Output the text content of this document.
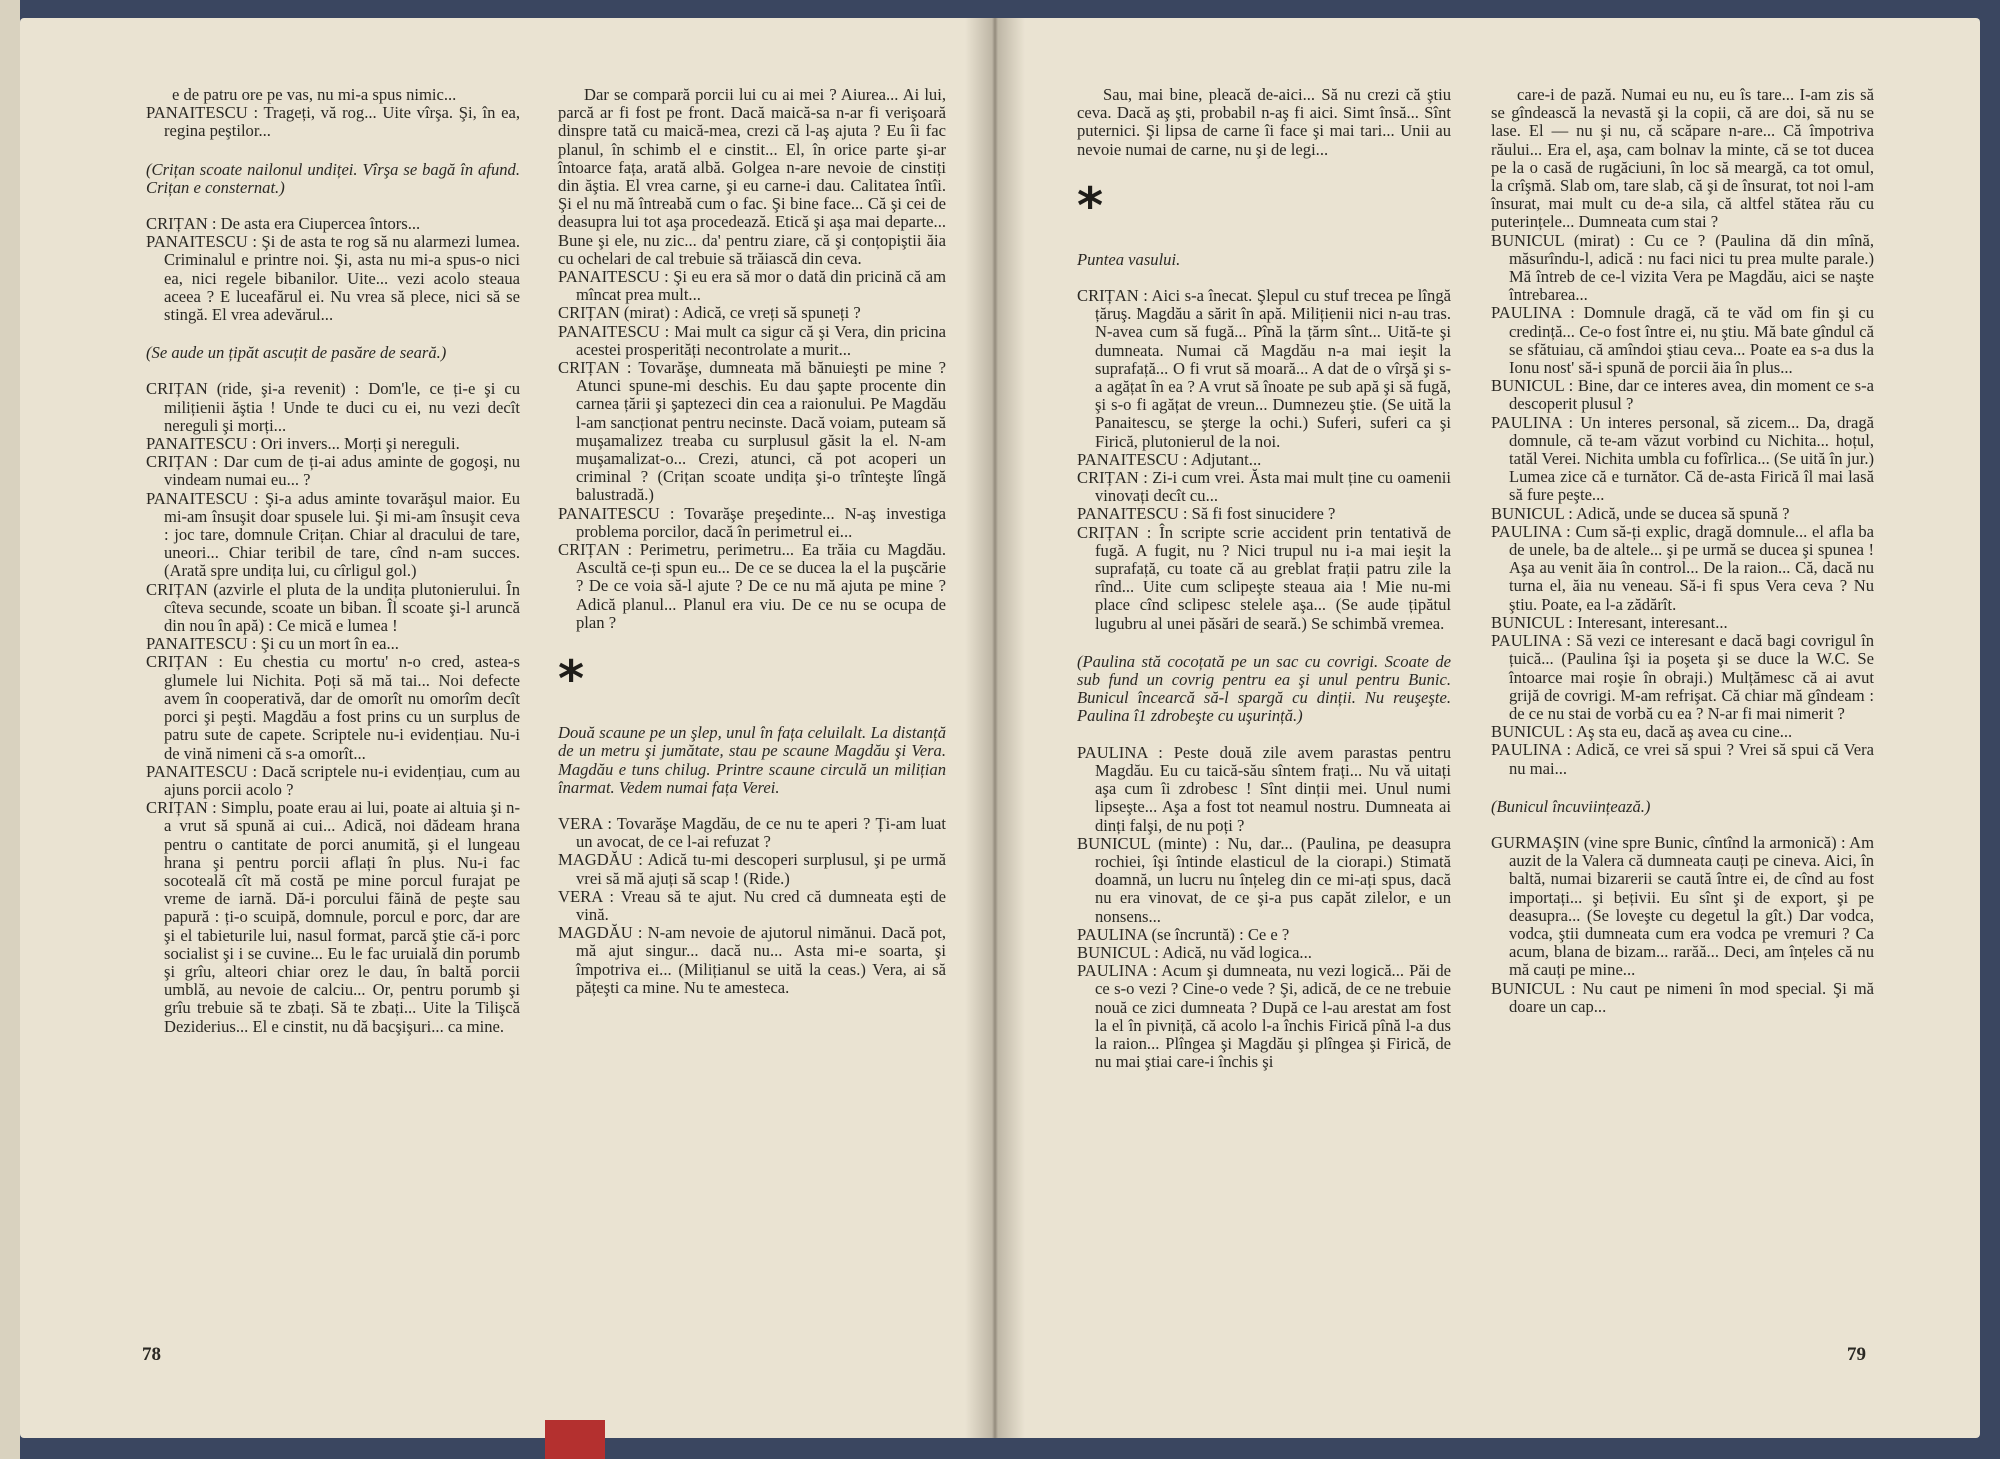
e de patru ore pe vas, nu mi-a spus nimic...

PANAITESCU : Trageți, vă rog... Uite vîrşa. Şi, în ea, regina peştilor...

(Crițan scoate nailonul undiței. Vîrşa se bagă în afund. Crițan e consternat.)

CRIȚAN : De asta era Ciupercea întors...

PANAITESCU : Şi de asta te rog să nu alarmezi lumea. Criminalul e printre noi. Şi, asta nu mi-a spus-o nici ea, nici regele bibanilor. Uite... vezi acolo steaua aceea ? E luceafărul ei. Nu vrea să plece, nici să se stingă. El vrea adevărul...

(Se aude un țipăt ascuțit de pasăre de seară.)

CRIȚAN (ride, şi-a revenit) : Dom'le, ce ți-e şi cu milițienii ăştia ! Unde te duci cu ei, nu vezi decît nereguli şi morți...

PANAITESCU : Ori invers... Morți şi nereguli.

CRIȚAN : Dar cum de ți-ai adus aminte de gogoşi, nu vindeam numai eu... ?

PANAITESCU : Şi-a adus aminte tovarăşul maior. Eu mi-am însuşit doar spusele lui. Şi mi-am însuşit ceva : joc tare, domnule Crițan. Chiar al dracului de tare, uneori... Chiar teribil de tare, cînd n-am succes. (Arată spre undița lui, cu cîrligul gol.)

CRIȚAN (azvirle el pluta de la undița plutonierului. În cîteva secunde, scoate un biban. Îl scoate şi-l aruncă din nou în apă) : Ce mică e lumea !

PANAITESCU : Şi cu un mort în ea...

CRIȚAN : Eu chestia cu mortu' n-o cred, astea-s glumele lui Nichita. Poți să mă tai... Noi defecte avem în cooperativă, dar de omorît nu omorîm decît porci şi peşti. Magdău a fost prins cu un surplus de patru sute de capete. Scriptele nu-i evidențiau. Nu-i de vină nimeni că s-a omorît...

PANAITESCU : Dacă scriptele nu-i evidențiau, cum au ajuns porcii acolo ?

CRIȚAN : Simplu, poate erau ai lui, poate ai altuia şi n-a vrut să spună ai cui... Adică, noi dădeam hrana pentru o cantitate de porci anumită, şi el lungeau hrana şi pentru porcii aflați în plus. Nu-i fac socoteală cît mă costă pe mine porcul furajat pe vreme de iarnă. Dă-i porcului făină de peşte sau papură : ți-o scuipă, domnule, porcul e porc, dar are şi el tabieturile lui, nasul format, parcă ştie că-i porc socialist şi i se cuvine... Eu le fac uruială din porumb şi grîu, alteori chiar orez le dau, în baltă porcii umblă, au nevoie de calciu... Or, pentru porumb şi grîu trebuie să te zbați. Să te zbați... Uite la Tilişcă Deziderius... El e cinstit, nu dă bacşişuri... ca mine.

Dar se compară porcii lui cu ai mei ? Aiurea... Ai lui, parcă ar fi fost pe front. Dacă maică-sa n-ar fi verişoară dinspre tată cu maică-mea, crezi că l-aş ajuta ? Eu îi fac planul, în schimb el e cinstit... El, în orice parte şi-ar întoarce fața, arată albă. Golgea n-are nevoie de cinstiți din ăştia. El vrea carne, şi eu carne-i dau. Calitatea întîi. Şi el nu mă întreabă cum o fac. Şi bine face... Că şi cei de deasupra lui tot aşa procedează. Etică şi aşa mai departe... Bune şi ele, nu zic... da' pentru ziare, că şi conțopiştii ăia cu ochelari de cal trebuie să trăiască din ceva.

PANAITESCU : Şi eu era să mor o dată din pricină că am mîncat prea mult...

CRIȚAN (mirat) : Adică, ce vreți să spuneți ?

PANAITESCU : Mai mult ca sigur că şi Vera, din pricina acestei prosperități necontrolate a murit...

CRIȚAN : Tovarăşe, dumneata mă bănuieşti pe mine ? Atunci spune-mi deschis. Eu dau şapte procente din carnea țării şi şaptezeci din cea a raionului. Pe Magdău l-am sancționat pentru necinste. Dacă voiam, puteam să muşamalizez treaba cu surplusul găsit la el. N-am muşamalizat-o... Crezi, atunci, că pot acoperi un criminal ? (Crițan scoate undița şi-o trînteşte lîngă balustradă.)

PANAITESCU : Tovarăşe preşedinte... N-aş investiga problema porcilor, dacă în perimetrul ei...

CRIȚAN : Perimetru, perimetru... Ea trăia cu Magdău. Ascultă ce-ți spun eu... De ce se ducea la el la puşcărie ? De ce voia să-l ajute ? De ce nu mă ajuta pe mine ? Adică planul... Planul era viu. De ce nu se ocupa de plan ?

*

Două scaune pe un şlep, unul în fața celuilalt. La distanță de un metru şi jumătate, stau pe scaune Magdău şi Vera. Magdău e tuns chilug. Printre scaune circulă un milițian înarmat. Vedem numai fața Verei.

VERA : Tovarăşe Magdău, de ce nu te aperi ? Ți-am luat un avocat, de ce l-ai refuzat ?

MAGDĂU : Adică tu-mi descoperi surplusul, şi pe urmă vrei să mă ajuți să scap ! (Ride.)

VERA : Vreau să te ajut. Nu cred că dumneata eşti de vină.

MAGDĂU : N-am nevoie de ajutorul nimănui. Dacă pot, mă ajut singur... dacă nu... Asta mi-e soarta, şi împotriva ei... (Milițianul se uită la ceas.) Vera, ai să pățeşti ca mine. Nu te amesteca.

78

Sau, mai bine, pleacă de-aici... Să nu crezi că ştiu ceva. Dacă aş şti, probabil n-aş fi aici. Simt însă... Sînt puternici. Şi lipsa de carne îi face şi mai tari... Unii au nevoie numai de carne, nu şi de legi...

*

Puntea vasului.

CRIȚAN : Aici s-a înecat. Şlepul cu stuf trecea pe lîngă țăruş. Magdău a sărit în apă. Milițienii nici n-au tras. N-avea cum să fugă... Pînă la țărm sînt... Uită-te şi dumneata. Numai că Magdău n-a mai ieşit la suprafață... O fi vrut să moară... A dat de o vîrşă şi s-a agățat în ea ? A vrut să înoate pe sub apă şi să fugă, şi s-o fi agățat de vreun... Dumnezeu ştie. (Se uită la Panaitescu, se şterge la ochi.) Suferi, suferi ca şi Firică, plutonierul de la noi.

PANAITESCU : Adjutant...

CRIȚAN : Zi-i cum vrei. Ăsta mai mult ține cu oamenii vinovați decît cu...

PANAITESCU : Să fi fost sinucidere ?

CRIȚAN : În scripte scrie accident prin tentativă de fugă. A fugit, nu ? Nici trupul nu i-a mai ieşit la suprafață, cu toate că au greblat frații patru zile la rînd... Uite cum sclipeşte steaua aia ! Mie nu-mi place cînd sclipesc stelele aşa... (Se aude țipătul lugubru al unei păsări de seară.) Se schimbă vremea.

(Paulina stă cocoțată pe un sac cu covrigi. Scoate de sub fund un covrig pentru ea şi unul pentru Bunic. Bunicul încearcă să-l spargă cu dinții. Nu reuşeşte. Paulina î1 zdrobeşte cu uşurință.)

PAULINA : Peste două zile avem parastas pentru Magdău. Eu cu taică-său sîntem frați... Nu vă uitați aşa cum îi zdrobesc ! Sînt dinții mei. Unul numi lipseşte... Aşa a fost tot neamul nostru. Dumneata ai dinți falşi, de nu poți ?

BUNICUL (minte) : Nu, dar... (Paulina, pe deasupra rochiei, îşi întinde elasticul de la ciorapi.) Stimată doamnă, un lucru nu înțeleg din ce mi-ați spus, dacă nu era vinovat, de ce şi-a pus capăt zilelor, e un nonsens...

PAULINA (se încruntă) : Ce e ?

BUNICUL : Adică, nu văd logica...

PAULINA : Acum şi dumneata, nu vezi logică... Păi de ce s-o vezi ? Cine-o vede ? Şi, adică, de ce ne trebuie nouă ce zici dumneata ? După ce l-au arestat am fost la el în pivniță, că acolo l-a închis Firică pînă l-a dus la raion... Plîngea şi Magdău şi plîngea şi Firică, de nu mai ştiai care-i închis şi

care-i de pază. Numai eu nu, eu îs tare... I-am zis să se gîndească la nevastă şi la copii, că are doi, să nu se lase. El — nu şi nu, că scăpare n-are... Că împotriva răului... Era el, aşa, cam bolnav la minte, că se tot ducea pe la o casă de rugăciuni, în loc să meargă, ca tot omul, la crîşmă. Slab om, tare slab, că şi de însurat, tot noi l-am însurat, mai mult cu de-a sila, că altfel stătea rău cu puterințele... Dumneata cum stai ?

BUNICUL (mirat) : Cu ce ? (Paulina dă din mînă, măsurîndu-l, adică : nu faci nici tu prea multe parale.) Mă întreb de ce-l vizita Vera pe Magdău, aici se naşte întrebarea...

PAULINA : Domnule dragă, că te văd om fin şi cu credință... Ce-o fost între ei, nu ştiu. Mă bate gîndul că se sfătuiau, că amîndoi ştiau ceva... Poate ea s-a dus la Ionu nost' să-i spună de porcii ăia în plus...

BUNICUL : Bine, dar ce interes avea, din moment ce s-a descoperit plusul ?

PAULINA : Un interes personal, să zicem... Da, dragă domnule, că te-am văzut vorbind cu Nichita... hoțul, tatăl Verei. Nichita umbla cu fofîrlica... (Se uită în jur.) Lumea zice că e turnător. Că de-asta Firică îl mai lasă să fure peşte...

BUNICUL : Adică, unde se ducea să spună ?

PAULINA : Cum să-ți explic, dragă domnule... el afla ba de unele, ba de altele... şi pe urmă se ducea şi spunea ! Aşa au venit ăia în control... De la raion... Că, dacă nu turna el, ăia nu veneau. Să-i fi spus Vera ceva ? Nu ştiu. Poate, ea l-a zădărît.

BUNICUL : Interesant, interesant...

PAULINA : Să vezi ce interesant e dacă bagi covrigul în țuică... (Paulina îşi ia poşeta şi se duce la W.C. Se întoarce mai roşie în obraji.) Mulțămesc că ai avut grijă de covrigi. M-am refrişat. Că chiar mă gîndeam : de ce nu stai de vorbă cu ea ? N-ar fi mai nimerit ?

BUNICUL : Aş sta eu, dacă aş avea cu cine...

PAULINA : Adică, ce vrei să spui ? Vrei să spui că Vera nu mai...

(Bunicul încuviințează.)

GURMAŞIN (vine spre Bunic, cîntînd la armonică) : Am auzit de la Valera că dumneata cauți pe cineva. Aici, în baltă, numai bizarerii se caută între ei, de cînd au fost importați... şi bețivii. Eu sînt şi de export, şi pe deasupra... (Se loveşte cu degetul la gît.) Dar vodca, vodca, ştii dumneata cum era vodca pe vremuri ? Ca acum, blana de bizam... rarăă... Deci, am înțeles că nu mă cauți pe mine...

BUNICUL : Nu caut pe nimeni în mod special. Şi mă doare un cap...

79
